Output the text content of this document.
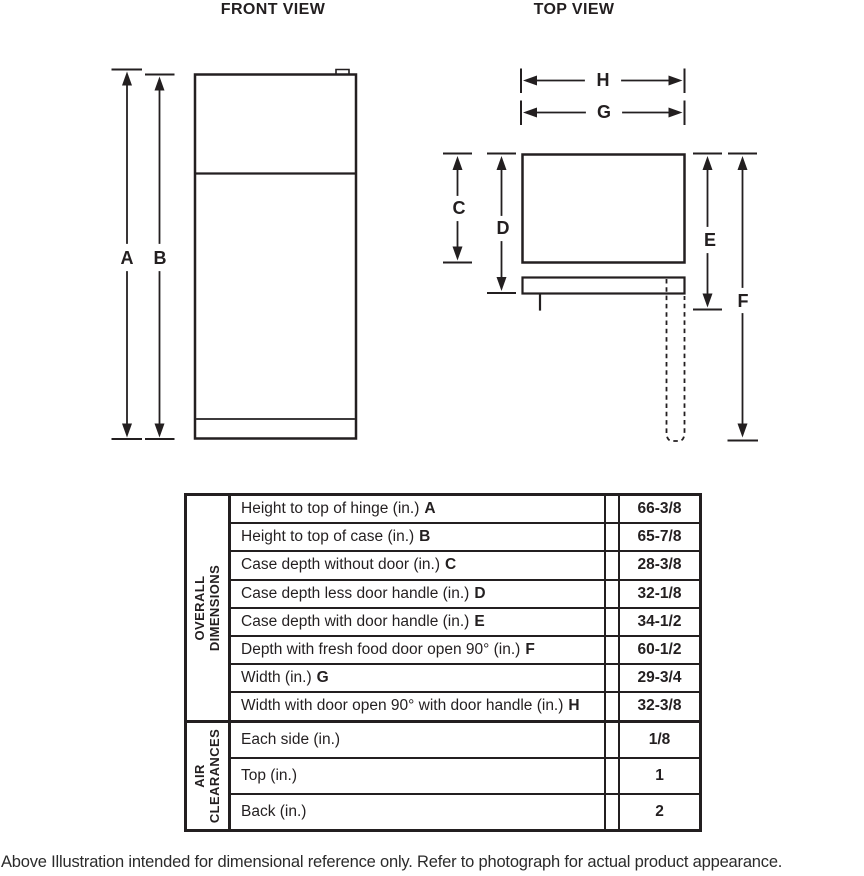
FRONT VIEW	TOP VIEW
A B
C
D
E
F
G
H
OVERALL DIMENSIONS
Height to top of hinge (in.) A	66-3/8
Height to top of case (in.) B	65-7/8
Case depth without door (in.) C	28-3/8
Case depth less door handle (in.) D	32-1/8
Case depth with door handle (in.) E	34-1/2
Depth with fresh food door open 90° (in.) F	60-1/2
Width (in.) G	29-3/4
Width with door open 90° with door handle (in.) H	32-3/8
AIR CLEARANCES Each side (in.)	1/8
Top (in.)	1
Back (in.)	2
Above Illustration intended for dimensional reference only. Refer to photograph for actual product appearance.
